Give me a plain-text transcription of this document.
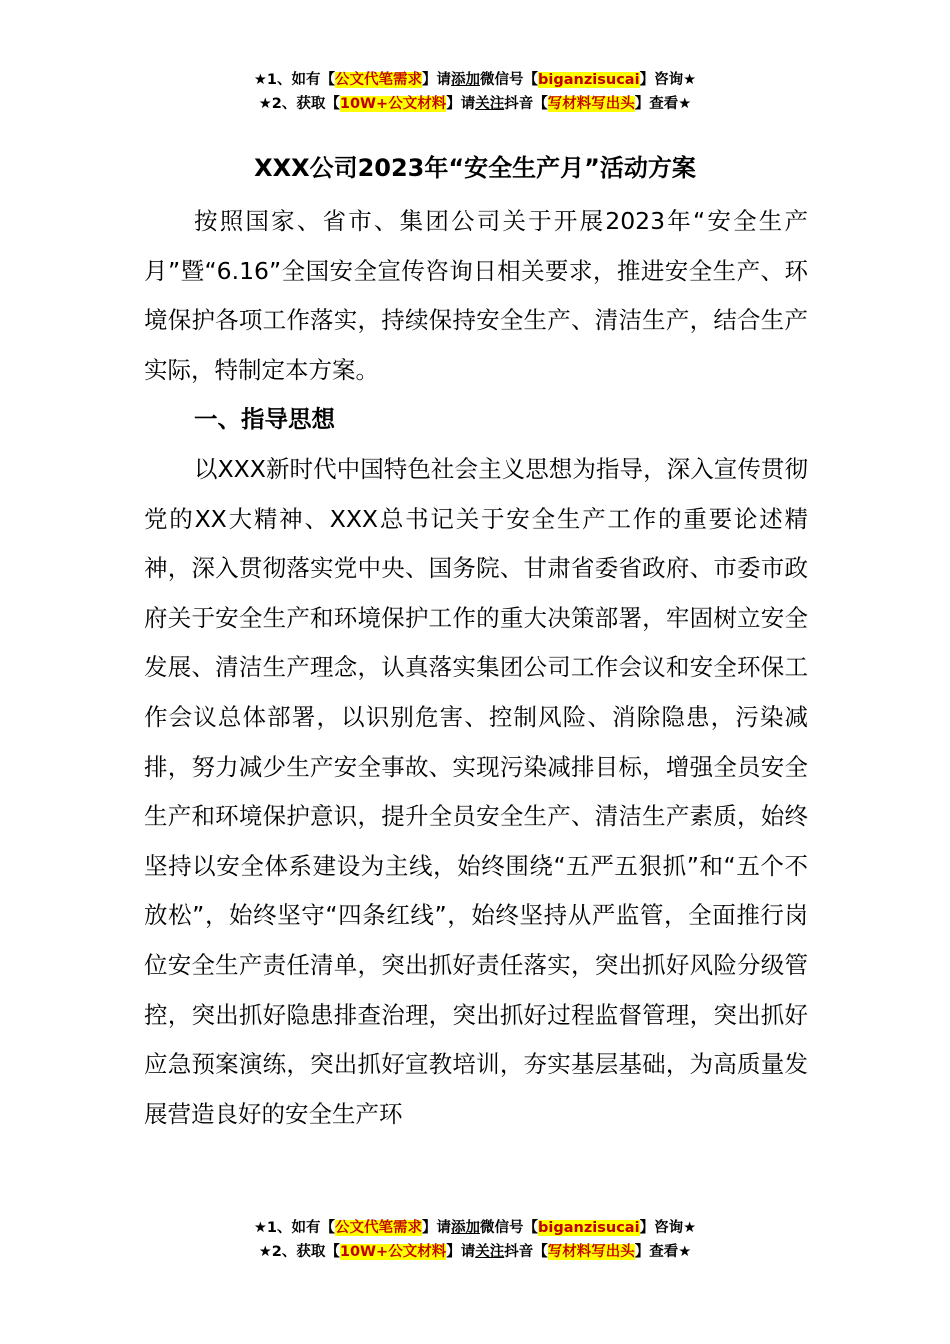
★1、如有【公文代笔需求】请添加微信号【biganzisucai】咨询★
★2、获取【10W+公文材料】请关注抖音【写材料写出头】查看★
XXX公司2023年“安全生产月”活动方案

按照国家、省市、集团公司关于开展2023年“安全生产月”暨“6.16”全国安全宣传咨询日相关要求，推进安全生产、环境保护各项工作落实，持续保持安全生产、清洁生产，结合生产实际，特制定本方案。

一、指导思想

以XXX新时代中国特色社会主义思想为指导，深入宣传贯彻党的XX大精神、XXX总书记关于安全生产工作的重要论述精神，深入贯彻落实党中央、国务院、甘肃省委省政府、市委市政府关于安全生产和环境保护工作的重大决策部署，牢固树立安全发展、清洁生产理念，认真落实集团公司工作会议和安全环保工作会议总体部署，以识别危害、控制风险、消除隐患，污染减排，努力减少生产安全事故、实现污染减排目标，增强全员安全生产和环境保护意识，提升全员安全生产、清洁生产素质，始终坚持以安全体系建设为主线，始终围绕“五严五狠抓”和“五个不放松”，始终坚守“四条红线”，始终坚持从严监管，全面推行岗位安全生产责任清单，突出抓好责任落实，突出抓好风险分级管控，突出抓好隐患排查治理，突出抓好过程监督管理，突出抓好应急预案演练，突出抓好宣教培训，夯实基层基础，为高质量发展营造良好的安全生产环

★1、如有【公文代笔需求】请添加微信号【biganzisucai】咨询★
★2、获取【10W+公文材料】请关注抖音【写材料写出头】查看★
